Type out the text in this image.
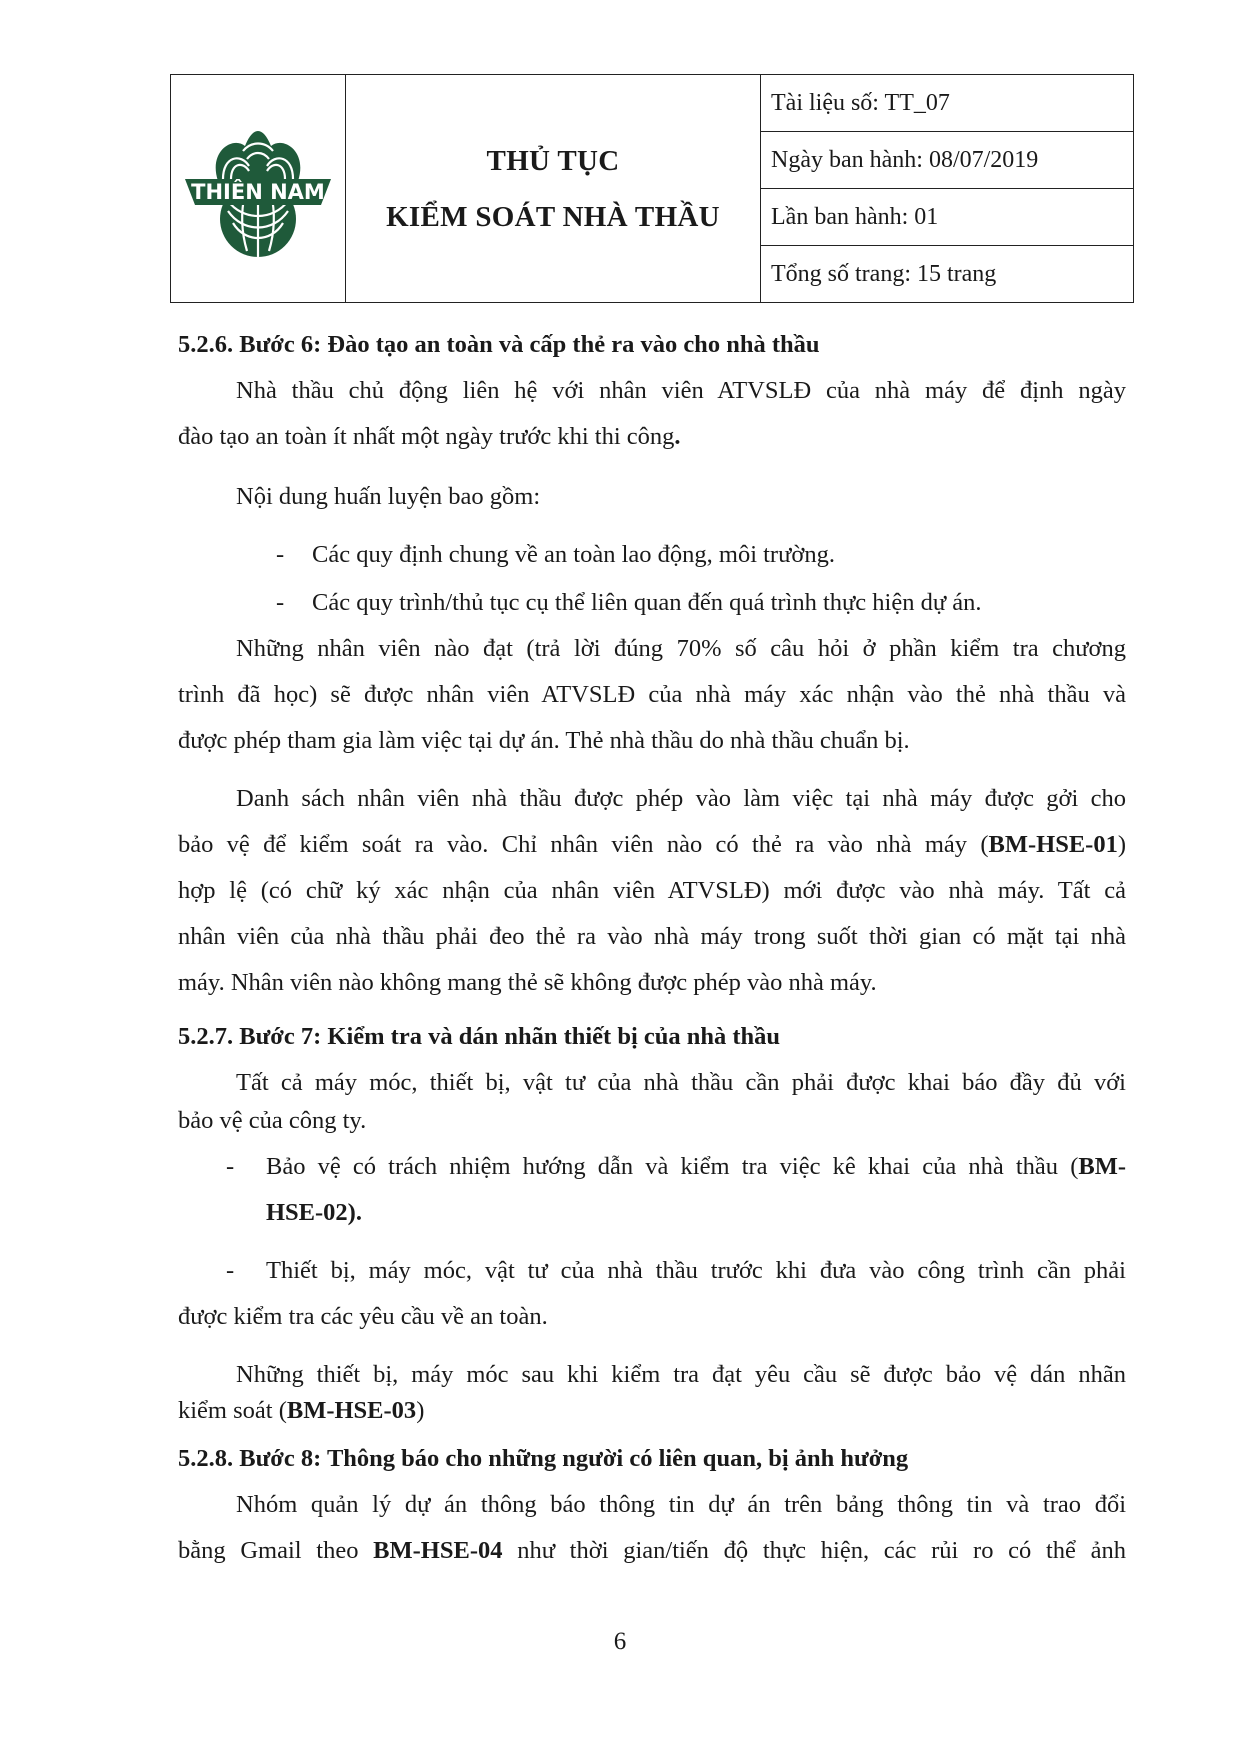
THIÊN NAM

THỦ TỤC
KIỂM SOÁT NHÀ THẦU
	Tài liệu số: TT_07
Ngày ban hành: 08/07/2019
Lần ban hành: 01
Tổng số trang: 15 trang
5.2.6. Bước 6: Đào tạo an toàn và cấp thẻ ra vào cho nhà thầu
Nhà thầu chủ động liên hệ với nhân viên ATVSLĐ của nhà máy để định ngày
đào tạo an toàn ít nhất một ngày trước khi thi công.
Nội dung huấn luyện bao gồm:
-	Các quy định chung về an toàn lao động, môi trường.
-	Các quy trình/thủ tục cụ thể liên quan đến quá trình thực hiện dự án.
Những nhân viên nào đạt (trả lời đúng 70% số câu hỏi ở phần kiểm tra chương
trình đã học) sẽ được nhân viên ATVSLĐ của nhà máy xác nhận vào thẻ nhà thầu và
được phép tham gia làm việc tại dự án. Thẻ nhà thầu do nhà thầu chuẩn bị.
Danh sách nhân viên nhà thầu được phép vào làm việc tại nhà máy được gởi cho
bảo vệ để kiểm soát ra vào. Chỉ nhân viên nào có thẻ ra vào nhà máy (BM-HSE-01)
hợp lệ (có chữ ký xác nhận của nhân viên ATVSLĐ) mới được vào nhà máy. Tất cả
nhân viên của nhà thầu phải đeo thẻ ra vào nhà máy trong suốt thời gian có mặt tại nhà
máy. Nhân viên nào không mang thẻ sẽ không được phép vào nhà máy.
5.2.7. Bước 7: Kiểm tra và dán nhãn thiết bị của nhà thầu
Tất cả máy móc, thiết bị, vật tư của nhà thầu cần phải được khai báo đầy đủ với
bảo vệ của công ty.
-	Bảo vệ có trách nhiệm hướng dẫn và kiểm tra việc kê khai của nhà thầu (BM-
HSE-02).
-	Thiết bị, máy móc, vật tư của nhà thầu trước khi đưa vào công trình cần phải
được kiểm tra các yêu cầu về an toàn.
Những thiết bị, máy móc sau khi kiểm tra đạt yêu cầu sẽ được bảo vệ dán nhãn
kiểm soát (BM-HSE-03)
5.2.8. Bước 8: Thông báo cho những người có liên quan, bị ảnh hưởng
Nhóm quản lý dự án thông báo thông tin dự án trên bảng thông tin và trao đổi
bằng Gmail theo BM-HSE-04 như thời gian/tiến độ thực hiện, các rủi ro có thể ảnh
6
